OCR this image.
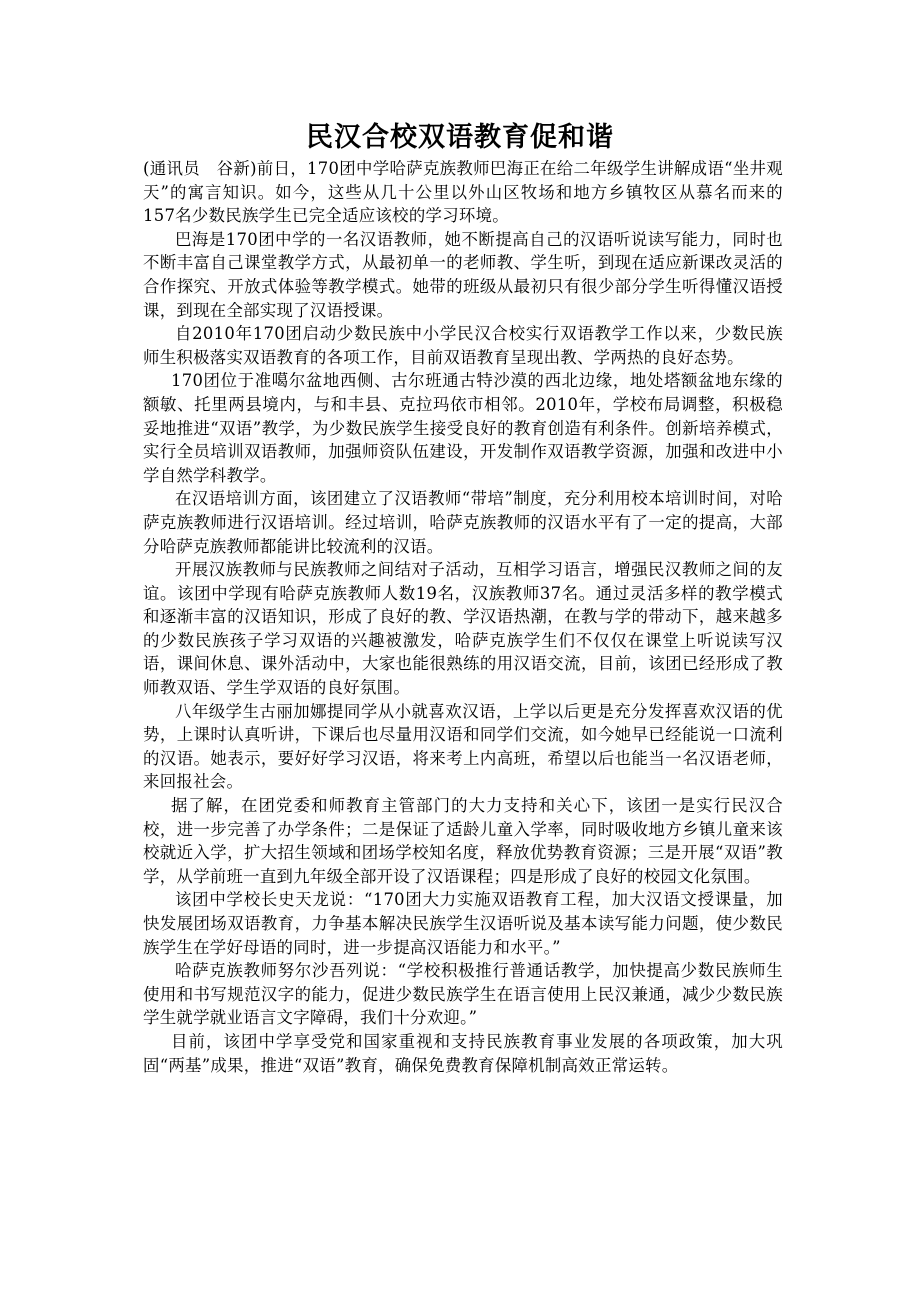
民汉合校双语教育促和谐

(通讯员　谷新)前日，170团中学哈萨克族教师巴海正在给二年级学生讲解成语“坐井观天”的寓言知识。如今，这些从几十公里以外山区牧场和地方乡镇牧区从慕名而来的157名少数民族学生已完全适应该校的学习环境。

巴海是170团中学的一名汉语教师，她不断提高自己的汉语听说读写能力，同时也不断丰富自己课堂教学方式，从最初单一的老师教、学生听，到现在适应新课改灵活的合作探究、开放式体验等教学模式。她带的班级从最初只有很少部分学生听得懂汉语授课，到现在全部实现了汉语授课。

自2010年170团启动少数民族中小学民汉合校实行双语教学工作以来，少数民族师生积极落实双语教育的各项工作，目前双语教育呈现出教、学两热的良好态势。

170团位于准噶尔盆地西侧、古尔班通古特沙漠的西北边缘，地处塔额盆地东缘的额敏、托里两县境内，与和丰县、克拉玛依市相邻。2010年，学校布局调整，积极稳妥地推进“双语”教学，为少数民族学生接受良好的教育创造有利条件。创新培养模式，实行全员培训双语教师，加强师资队伍建设，开发制作双语教学资源，加强和改进中小学自然学科教学。

在汉语培训方面，该团建立了汉语教师“带培”制度，充分利用校本培训时间，对哈萨克族教师进行汉语培训。经过培训，哈萨克族教师的汉语水平有了一定的提高，大部分哈萨克族教师都能讲比较流利的汉语。

开展汉族教师与民族教师之间结对子活动，互相学习语言，增强民汉教师之间的友谊。该团中学现有哈萨克族教师人数19名，汉族教师37名。通过灵活多样的教学模式和逐渐丰富的汉语知识，形成了良好的教、学汉语热潮，在教与学的带动下，越来越多的少数民族孩子学习双语的兴趣被激发，哈萨克族学生们不仅仅在课堂上听说读写汉语，课间休息、课外活动中，大家也能很熟练的用汉语交流，目前，该团已经形成了教师教双语、学生学双语的良好氛围。

八年级学生古丽加娜提同学从小就喜欢汉语，上学以后更是充分发挥喜欢汉语的优势，上课时认真听讲，下课后也尽量用汉语和同学们交流，如今她早已经能说一口流利的汉语。她表示，要好好学习汉语，将来考上内高班，希望以后也能当一名汉语老师，来回报社会。

据了解，在团党委和师教育主管部门的大力支持和关心下，该团一是实行民汉合校，进一步完善了办学条件；二是保证了适龄儿童入学率，同时吸收地方乡镇儿童来该校就近入学，扩大招生领域和团场学校知名度，释放优势教育资源；三是开展“双语”教学，从学前班一直到九年级全部开设了汉语课程；四是形成了良好的校园文化氛围。

该团中学校长史天龙说：“170团大力实施双语教育工程，加大汉语文授课量，加快发展团场双语教育，力争基本解决民族学生汉语听说及基本读写能力问题，使少数民族学生在学好母语的同时，进一步提高汉语能力和水平。”

哈萨克族教师努尔沙吾列说：“学校积极推行普通话教学，加快提高少数民族师生使用和书写规范汉字的能力，促进少数民族学生在语言使用上民汉兼通，减少少数民族学生就学就业语言文字障碍，我们十分欢迎。”

目前，该团中学享受党和国家重视和支持民族教育事业发展的各项政策，加大巩固“两基”成果，推进“双语”教育，确保免费教育保障机制高效正常运转。
